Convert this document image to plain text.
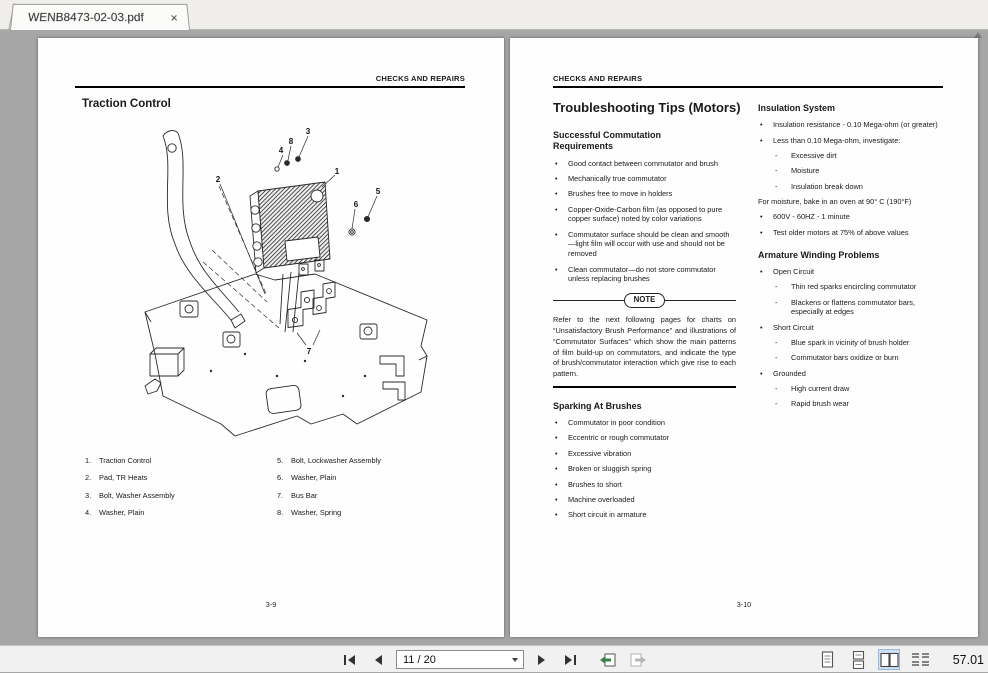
WENB8473-02-03.pdf	×
CHECKS AND REPAIRS
Traction Control
1
2
3
4
5
6
7
8
1.	Traction Control
2.	Pad, TR Heats
3.	Bolt, Washer Assembly
4.	Washer, Plain
5.	Bolt, Lockwasher Assembly
6.	Washer, Plain
7.	Bus Bar
8.	Washer, Spring
3-9
CHECKS AND REPAIRS
Troubleshooting Tips (Motors)
Successful Commutation Requirements
• Good contact between commutator and brush
• Mechanically true commutator
• Brushes free to move in holders
• Copper-Oxide-Carbon film (as opposed to pure copper surface) noted by color variations
• Commutator surface should be clean and smooth—light film will occur with use and should not be removed
• Clean commutator—do not store commutator unless replacing brushes
NOTE
Refer to the next following pages for charts on “Unsatisfactory Brush Performance” and illustrations of “Commutator Surfaces” which show the main patterns of film build-up on commutators, and indicate the type of brush/commutator interaction which give rise to each pattern.
Sparking At Brushes
• Commutator in poor condition
• Eccentric or rough commutator
• Excessive vibration
• Broken or sluggish spring
• Brushes to short
• Machine overloaded
• Short circuit in armature
Insulation System
• Insulation resistance - 0.10 Mega-ohm (or greater)
• Less than 0.10 Mega-ohm, investigate:
- Excessive dirt
- Moisture
- Insulation break down
For moisture, bake in an oven at 90° C (190°F)
• 600V - 60HZ - 1 minute
• Test older motors at 75% of above values
Armature Winding Problems
• Open Circuit
- Thin red sparks encircling commutator
- Blackens or flattens commutator bars, especially at edges
• Short Circuit
- Blue spark in vicinity of brush holder
- Commutator bars oxidize or burn
• Grounded
- High current draw
- Rapid brush wear
3-10
11 / 20	57.01
